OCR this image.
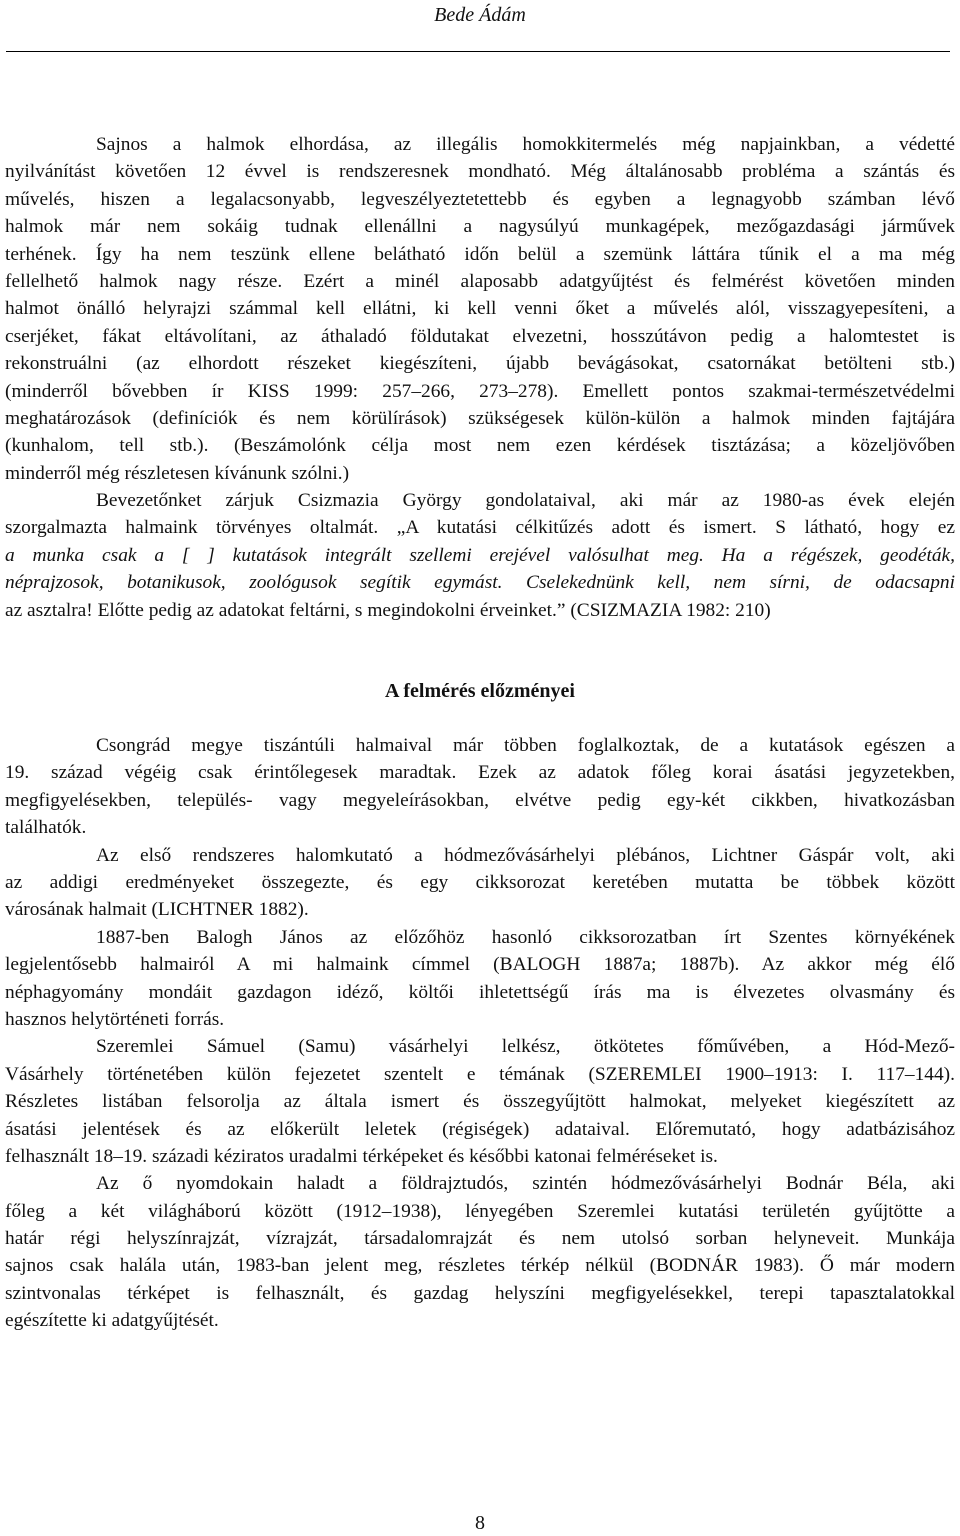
Bede Ádám
Sajnos a halmok elhordása, az illegális homokkitermelés még napjainkban, a védetté
nyilvánítást követően 12 évvel is rendszeresnek mondható. Még általánosabb probléma a szántás és
művelés, hiszen a legalacsonyabb, legveszélyeztetettebb és egyben a legnagyobb számban lévő
halmok már nem sokáig tudnak ellenállni a nagysúlyú munkagépek, mezőgazdasági járművek
terhének. Így ha nem teszünk ellene belátható időn belül a szemünk láttára tűnik el a ma még
fellelhető halmok nagy része. Ezért a minél alaposabb adatgyűjtést és felmérést követően minden
halmot önálló helyrajzi számmal kell ellátni, ki kell venni őket a művelés alól, visszagyepesíteni, a
cserjéket, fákat eltávolítani, az áthaladó földutakat elvezetni, hosszútávon pedig a halomtestet is
rekonstruálni (az elhordott részeket kiegészíteni, újabb bevágásokat, csatornákat betölteni stb.)
(minderről bővebben ír KISS 1999: 257–266, 273–278). Emellett pontos szakmai-természetvédelmi
meghatározások (definíciók és nem körülírások) szükségesek külön-külön a halmok minden fajtájára
(kunhalom, tell stb.). (Beszámolónk célja most nem ezen kérdések tisztázása; a közeljövőben
minderről még részletesen kívánunk szólni.)
Bevezetőnket zárjuk Csizmazia György gondolataival, aki már az 1980-as évek elején
szorgalmazta halmaink törvényes oltalmát. „A kutatási célkitűzés adott és ismert. S látható, hogy ez
a munka csak a [ ] kutatások integrált szellemi erejével valósulhat meg. Ha a régészek, geodéták,
néprajzosok, botanikusok, zoológusok segítik egymást. Cselekednünk kell, nem sírni, de odacsapni
az asztalra! Előtte pedig az adatokat feltárni, s megindokolni érveinket.” (CSIZMAZIA 1982: 210)
A felmérés előzményei
Csongrád megye tiszántúli halmaival már többen foglalkoztak, de a kutatások egészen a
19. század végéig csak érintőlegesek maradtak. Ezek az adatok főleg korai ásatási jegyzetekben,
megfigyelésekben, település- vagy megyeleírásokban, elvétve pedig egy-két cikkben, hivatkozásban
találhatók.
Az első rendszeres halomkutató a hódmezővásárhelyi plébános, Lichtner Gáspár volt, aki
az addigi eredményeket összegezte, és egy cikksorozat keretében mutatta be többek között
városának halmait (LICHTNER 1882).
1887-ben Balogh János az előzőhöz hasonló cikksorozatban írt Szentes környékének
legjelentősebb halmairól A mi halmaink címmel (BALOGH 1887a; 1887b). Az akkor még élő
néphagyomány mondáit gazdagon idéző, költői ihletettségű írás ma is élvezetes olvasmány és
hasznos helytörténeti forrás.
Szeremlei Sámuel (Samu) vásárhelyi lelkész, ötkötetes főművében, a Hód-Mező-
Vásárhely történetében külön fejezetet szentelt e témának (SZEREMLEI 1900–1913: I. 117–144).
Részletes listában felsorolja az általa ismert és összegyűjtött halmokat, melyeket kiegészített az
ásatási jelentések és az előkerült leletek (régiségek) adataival. Előremutató, hogy adatbázisához
felhasznált 18–19. századi kéziratos uradalmi térképeket és későbbi katonai felméréseket is.
Az ő nyomdokain haladt a földrajztudós, szintén hódmezővásárhelyi Bodnár Béla, aki
főleg a két világháború között (1912–1938), lényegében Szeremlei kutatási területén gyűjtötte a
határ régi helyszínrajzát, vízrajzát, társadalomrajzát és nem utolsó sorban helyneveit. Munkája
sajnos csak halála után, 1983-ban jelent meg, részletes térkép nélkül (BODNÁR 1983). Ő már modern
szintvonalas térképet is felhasznált, és gazdag helyszíni megfigyelésekkel, terepi tapasztalatokkal
egészítette ki adatgyűjtését.
8
